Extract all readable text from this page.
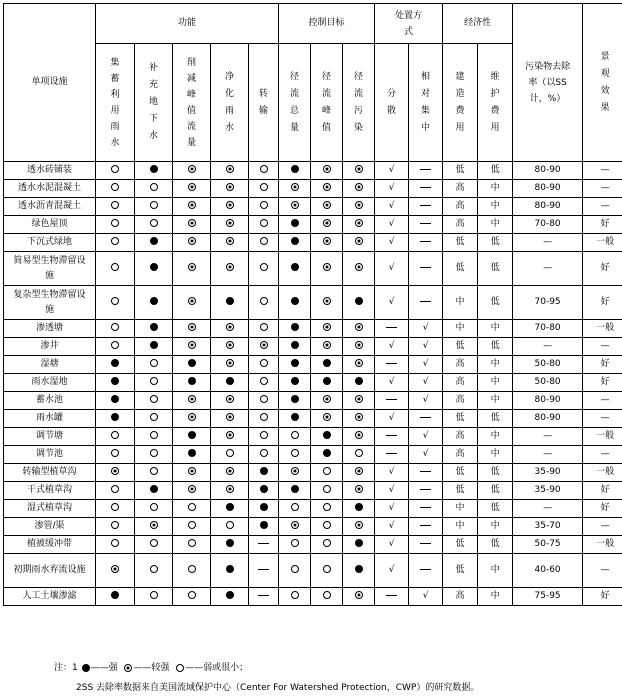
单项设施	功能					控制目标			处置方式		经济性		污染物去除率（以SS计，%）	景观效果
	集蓄利用雨水	补充地下水	削减峰值流量	净化雨水	转输	径流总量	径流峰值	径流污染	分散	相对集中	建造费用	维护费用		
透水砖铺装									√		低	低	80-90	—
透水水泥混凝土									√		高	中	80-90	—
透水沥青混凝土									√		高	中	80-90	—
绿色屋顶									√		高	中	70-80	好
下沉式绿地									√		低	低	—	一般
简易型生物滞留设施									√		低	低	—	好
复杂型生物滞留设施									√		中	低	70-95	好
渗透塘										√	中	中	70-80	一般
渗井									√	√	低	低	—	—
湿塘										√	高	中	50-80	好
雨水湿地									√	√	高	中	50-80	好
蓄水池										√	高	中	80-90	—
雨水罐									√		低	低	80-90	—
调节塘										√	高	中	—	一般
调节池										√	高	中	—	—
转输型植草沟									√		低	低	35-90	一般
干式植草沟									√		低	低	35-90	好
湿式植草沟									√		中	低	—	好
渗管/渠									√		中	中	35-70	—
植被缓冲带									√		低	低	50-75	一般
初期雨水弃流设施									√		低	中	40-60	—
人工土壤渗滤										√	高	中	75-95	好
注：1 ——强 ——较强 ——弱或很小；
2SS 去除率数据来自美国流域保护中心（Center For Watershed Protection，CWP）的研究数据。
